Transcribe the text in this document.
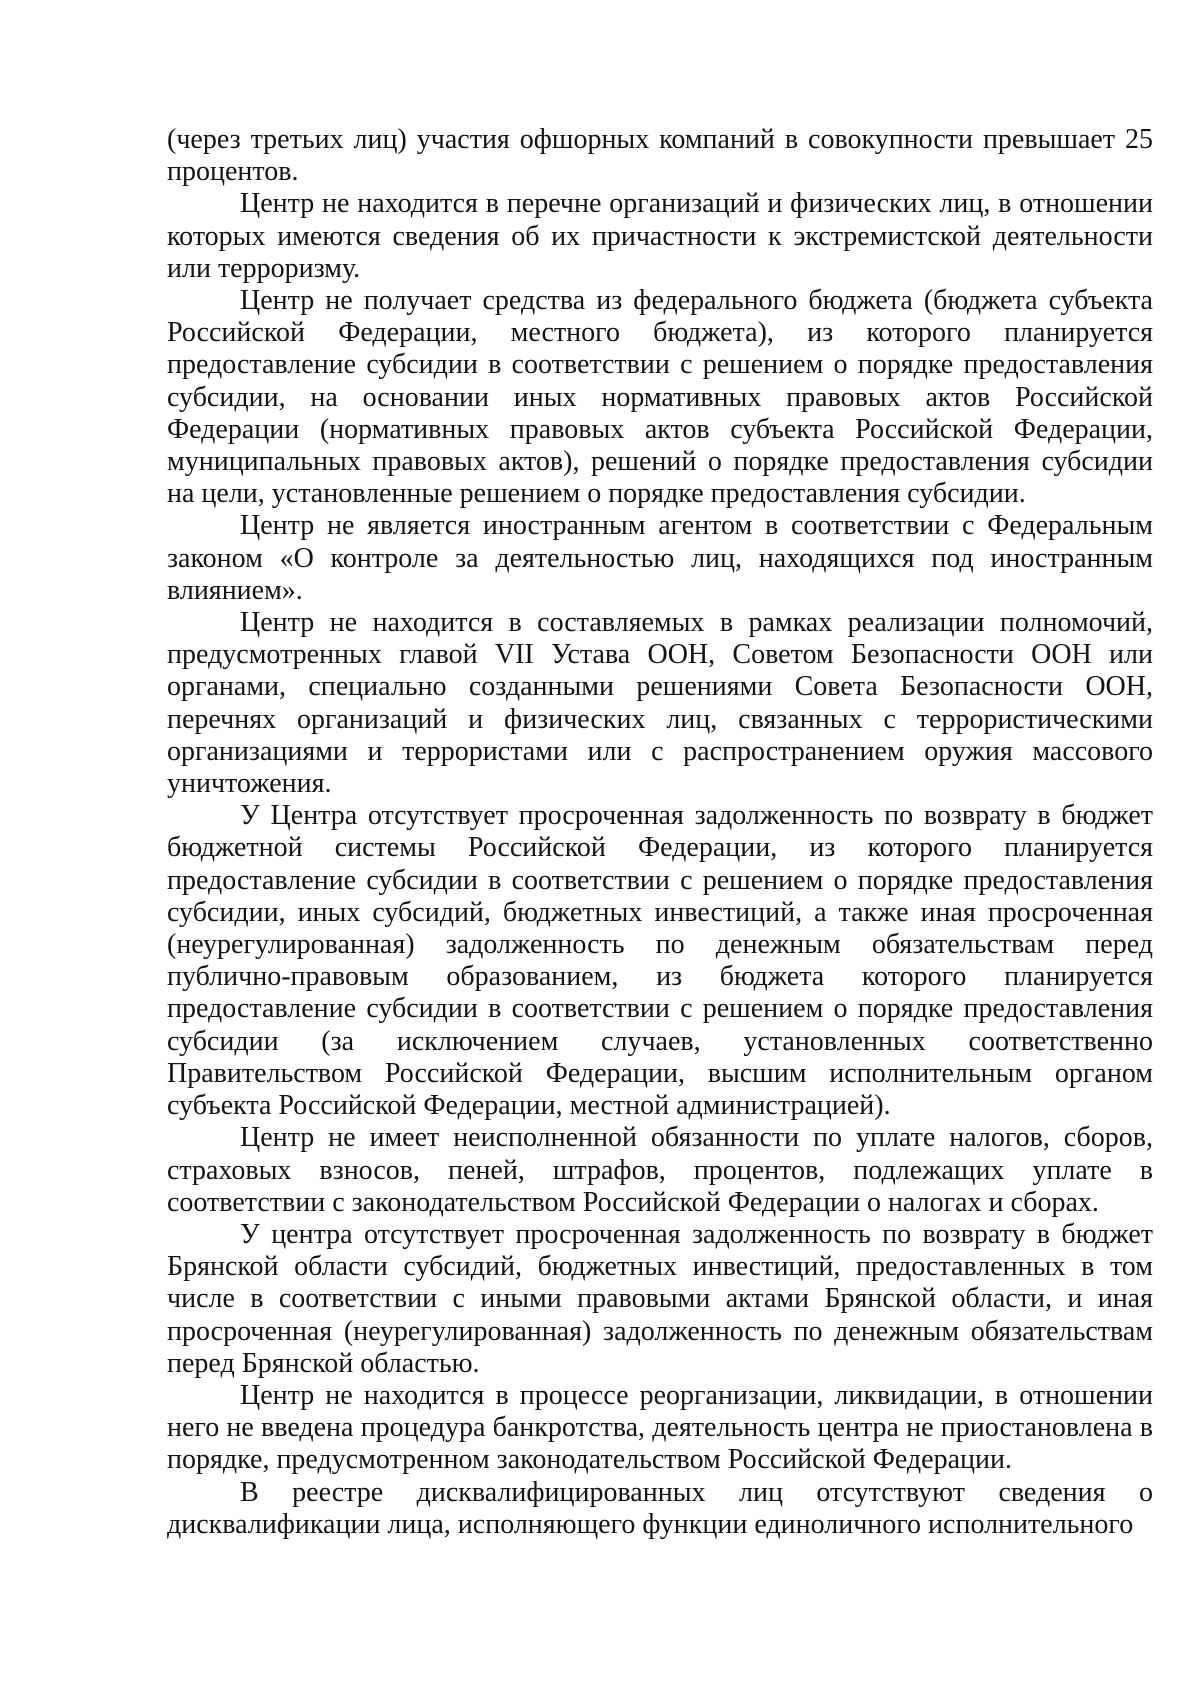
(через третьих лиц) участия офшорных компаний в совокупности превышает 25 процентов.

Центр не находится в перечне организаций и физических лиц, в отношении которых имеются сведения об их причастности к экстремистской деятельности или терроризму.

Центр не получает средства из федерального бюджета (бюджета субъекта Российской Федерации, местного бюджета), из которого планируется предоставление субсидии в соответствии с решением о порядке предоставления субсидии, на основании иных нормативных правовых актов Российской Федерации (нормативных правовых актов субъекта Российской Федерации, муниципальных правовых актов), решений о порядке предоставления субсидии на цели, установленные решением о порядке предоставления субсидии.

Центр не является иностранным агентом в соответствии с Федеральным законом «О контроле за деятельностью лиц, находящихся под иностранным влиянием».

Центр не находится в составляемых в рамках реализации полномочий, предусмотренных главой VII Устава ООН, Советом Безопасности ООН или органами, специально созданными решениями Совета Безопасности ООН, перечнях организаций и физических лиц, связанных с террористическими организациями и террористами или с распространением оружия массового уничтожения.

У Центра отсутствует просроченная задолженность по возврату в бюджет бюджетной системы Российской Федерации, из которого планируется предоставление субсидии в соответствии с решением о порядке предоставления субсидии, иных субсидий, бюджетных инвестиций, а также иная просроченная (неурегулированная) задолженность по денежным обязательствам перед публично-правовым образованием, из бюджета которого планируется предоставление субсидии в соответствии с решением о порядке предоставления субсидии (за исключением случаев, установленных соответственно Правительством Российской Федерации, высшим исполнительным органом субъекта Российской Федерации, местной администрацией).

Центр не имеет неисполненной обязанности по уплате налогов, сборов, страховых взносов, пеней, штрафов, процентов, подлежащих уплате в соответствии с законодательством Российской Федерации о налогах и сборах.

У центра отсутствует просроченная задолженность по возврату в бюджет Брянской области субсидий, бюджетных инвестиций, предоставленных в том числе в соответствии с иными правовыми актами Брянской области, и иная просроченная (неурегулированная) задолженность по денежным обязательствам перед Брянской областью.

Центр не находится в процессе реорганизации, ликвидации, в отношении него не введена процедура банкротства, деятельность центра не приостановлена в порядке, предусмотренном законодательством Российской Федерации.

В реестре дисквалифицированных лиц отсутствуют сведения о дисквалификации лица, исполняющего функции единоличного исполнительного
